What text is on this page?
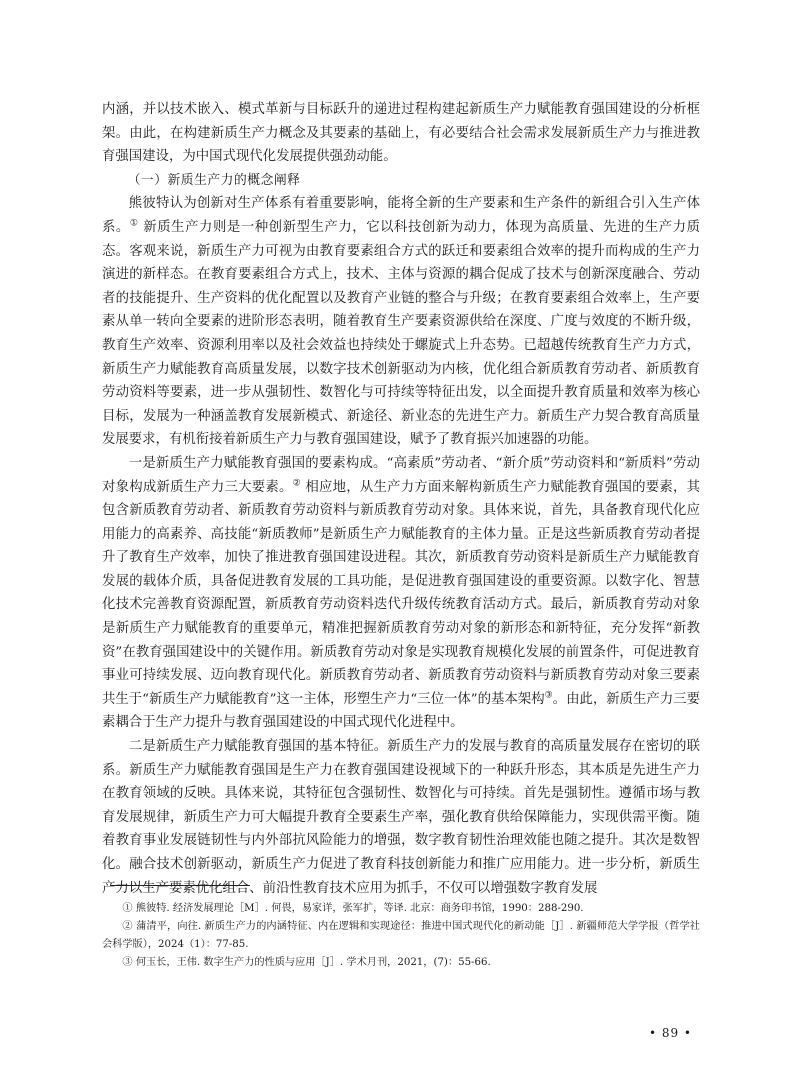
内涵，并以技术嵌入、模式革新与目标跃升的递进过程构建起新质生产力赋能教育强国建设的分析框架。由此，在构建新质生产力概念及其要素的基础上，有必要结合社会需求发展新质生产力与推进教育强国建设，为中国式现代化发展提供强劲动能。

（一）新质生产力的概念阐释

熊彼特认为创新对生产体系有着重要影响，能将全新的生产要素和生产条件的新组合引入生产体系。① 新质生产力则是一种创新型生产力，它以科技创新为动力，体现为高质量、先进的生产力质态。客观来说，新质生产力可视为由教育要素组合方式的跃迁和要素组合效率的提升而构成的生产力演进的新样态。在教育要素组合方式上，技术、主体与资源的耦合促成了技术与创新深度融合、劳动者的技能提升、生产资料的优化配置以及教育产业链的整合与升级；在教育要素组合效率上，生产要素从单一转向全要素的进阶形态表明，随着教育生产要素资源供给在深度、广度与效度的不断升级，教育生产效率、资源利用率以及社会效益也持续处于螺旋式上升态势。已超越传统教育生产力方式，新质生产力赋能教育高质量发展，以数字技术创新驱动为内核，优化组合新质教育劳动者、新质教育劳动资料等要素，进一步从强韧性、数智化与可持续等特征出发，以全面提升教育质量和效率为核心目标，发展为一种涵盖教育发展新模式、新途径、新业态的先进生产力。新质生产力契合教育高质量发展要求，有机衔接着新质生产力与教育强国建设，赋予了教育振兴加速器的功能。

一是新质生产力赋能教育强国的要素构成。“高素质”劳动者、“新介质”劳动资料和“新质料”劳动对象构成新质生产力三大要素。② 相应地，从生产力方面来解构新质生产力赋能教育强国的要素，其包含新质教育劳动者、新质教育劳动资料与新质教育劳动对象。具体来说，首先，具备教育现代化应用能力的高素养、高技能“新质教师”是新质生产力赋能教育的主体力量。正是这些新质教育劳动者提升了教育生产效率，加快了推进教育强国建设进程。其次，新质教育劳动资料是新质生产力赋能教育发展的载体介质，具备促进教育发展的工具功能，是促进教育强国建设的重要资源。以数字化、智慧化技术完善教育资源配置，新质教育劳动资料迭代升级传统教育活动方式。最后，新质教育劳动对象是新质生产力赋能教育的重要单元，精准把握新质教育劳动对象的新形态和新特征，充分发挥“新教资”在教育强国建设中的关键作用。新质教育劳动对象是实现教育规模化发展的前置条件，可促进教育事业可持续发展、迈向教育现代化。新质教育劳动者、新质教育劳动资料与新质教育劳动对象三要素共生于“新质生产力赋能教育”这一主体，形塑生产力“三位一体”的基本架构③。由此，新质生产力三要素耦合于生产力提升与教育强国建设的中国式现代化进程中。

二是新质生产力赋能教育强国的基本特征。新质生产力的发展与教育的高质量发展存在密切的联系。新质生产力赋能教育强国是生产力在教育强国建设视域下的一种跃升形态，其本质是先进生产力在教育领域的反映。具体来说，其特征包含强韧性、数智化与可持续。首先是强韧性。遵循市场与教育发展规律，新质生产力可大幅提升教育全要素生产率，强化教育供给保障能力，实现供需平衡。随着教育事业发展链韧性与内外部抗风险能力的增强，数字教育韧性治理效能也随之提升。其次是数智化。融合技术创新驱动，新质生产力促进了教育科技创新能力和推广应用能力。进一步分析，新质生产力以生产要素优化组合、前沿性教育技术应用为抓手，不仅可以增强数字教育发展

① 熊彼特. 经济发展理论［M］. 何畏，易家详，张军扩，等译. 北京：商务印书馆，1990：288-290.

② 蒲清平，向往. 新质生产力的内涵特征、内在逻辑和实现途径：推进中国式现代化的新动能［J］. 新疆师范大学学报（哲学社会科学版），2024（1）：77-85.

③ 何玉长，王伟. 数字生产力的性质与应用［J］. 学术月刊，2021，(7)：55-66.

• 89 •
